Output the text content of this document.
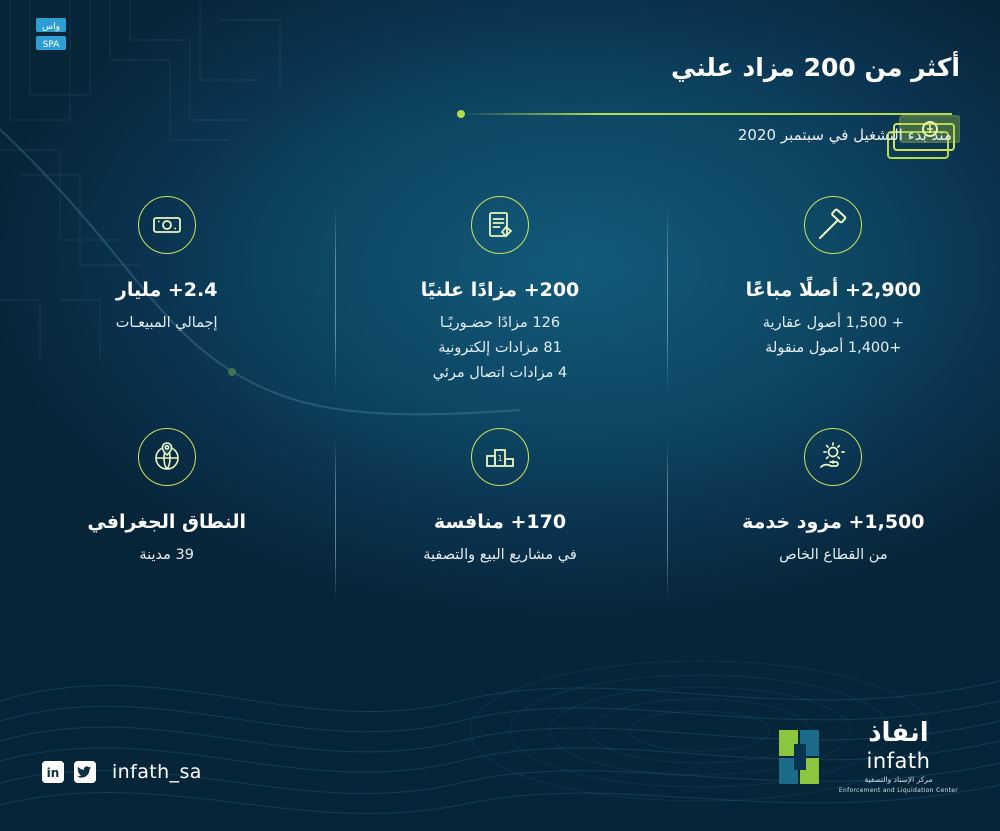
واس
SPA
أكثر من 200 مزاد علني
منذ بدء التشغيل في سبتمبر 2020
2,900+ أصلًا مباعًا
+ 1,500 أصول عقارية
+1,400 أصول منقولة
200+ مزادًا علنيًا
126 مزادًا حضـوريًـا
81 مزادات إلكترونية
4 مزادات اتصال مرئي
2.4+ مليار
إجمالي المبيعـات
1,500+ مزود خدمة
من القطاع الخاص
1
170+ منافسة
في مشاريع البيع والتصفية
النطاق الجغرافي
39 مدينة
in	infath_sa
انفاذ
infath
مركز الإسناد والتصفية
Enforcement and Liquidation Center
